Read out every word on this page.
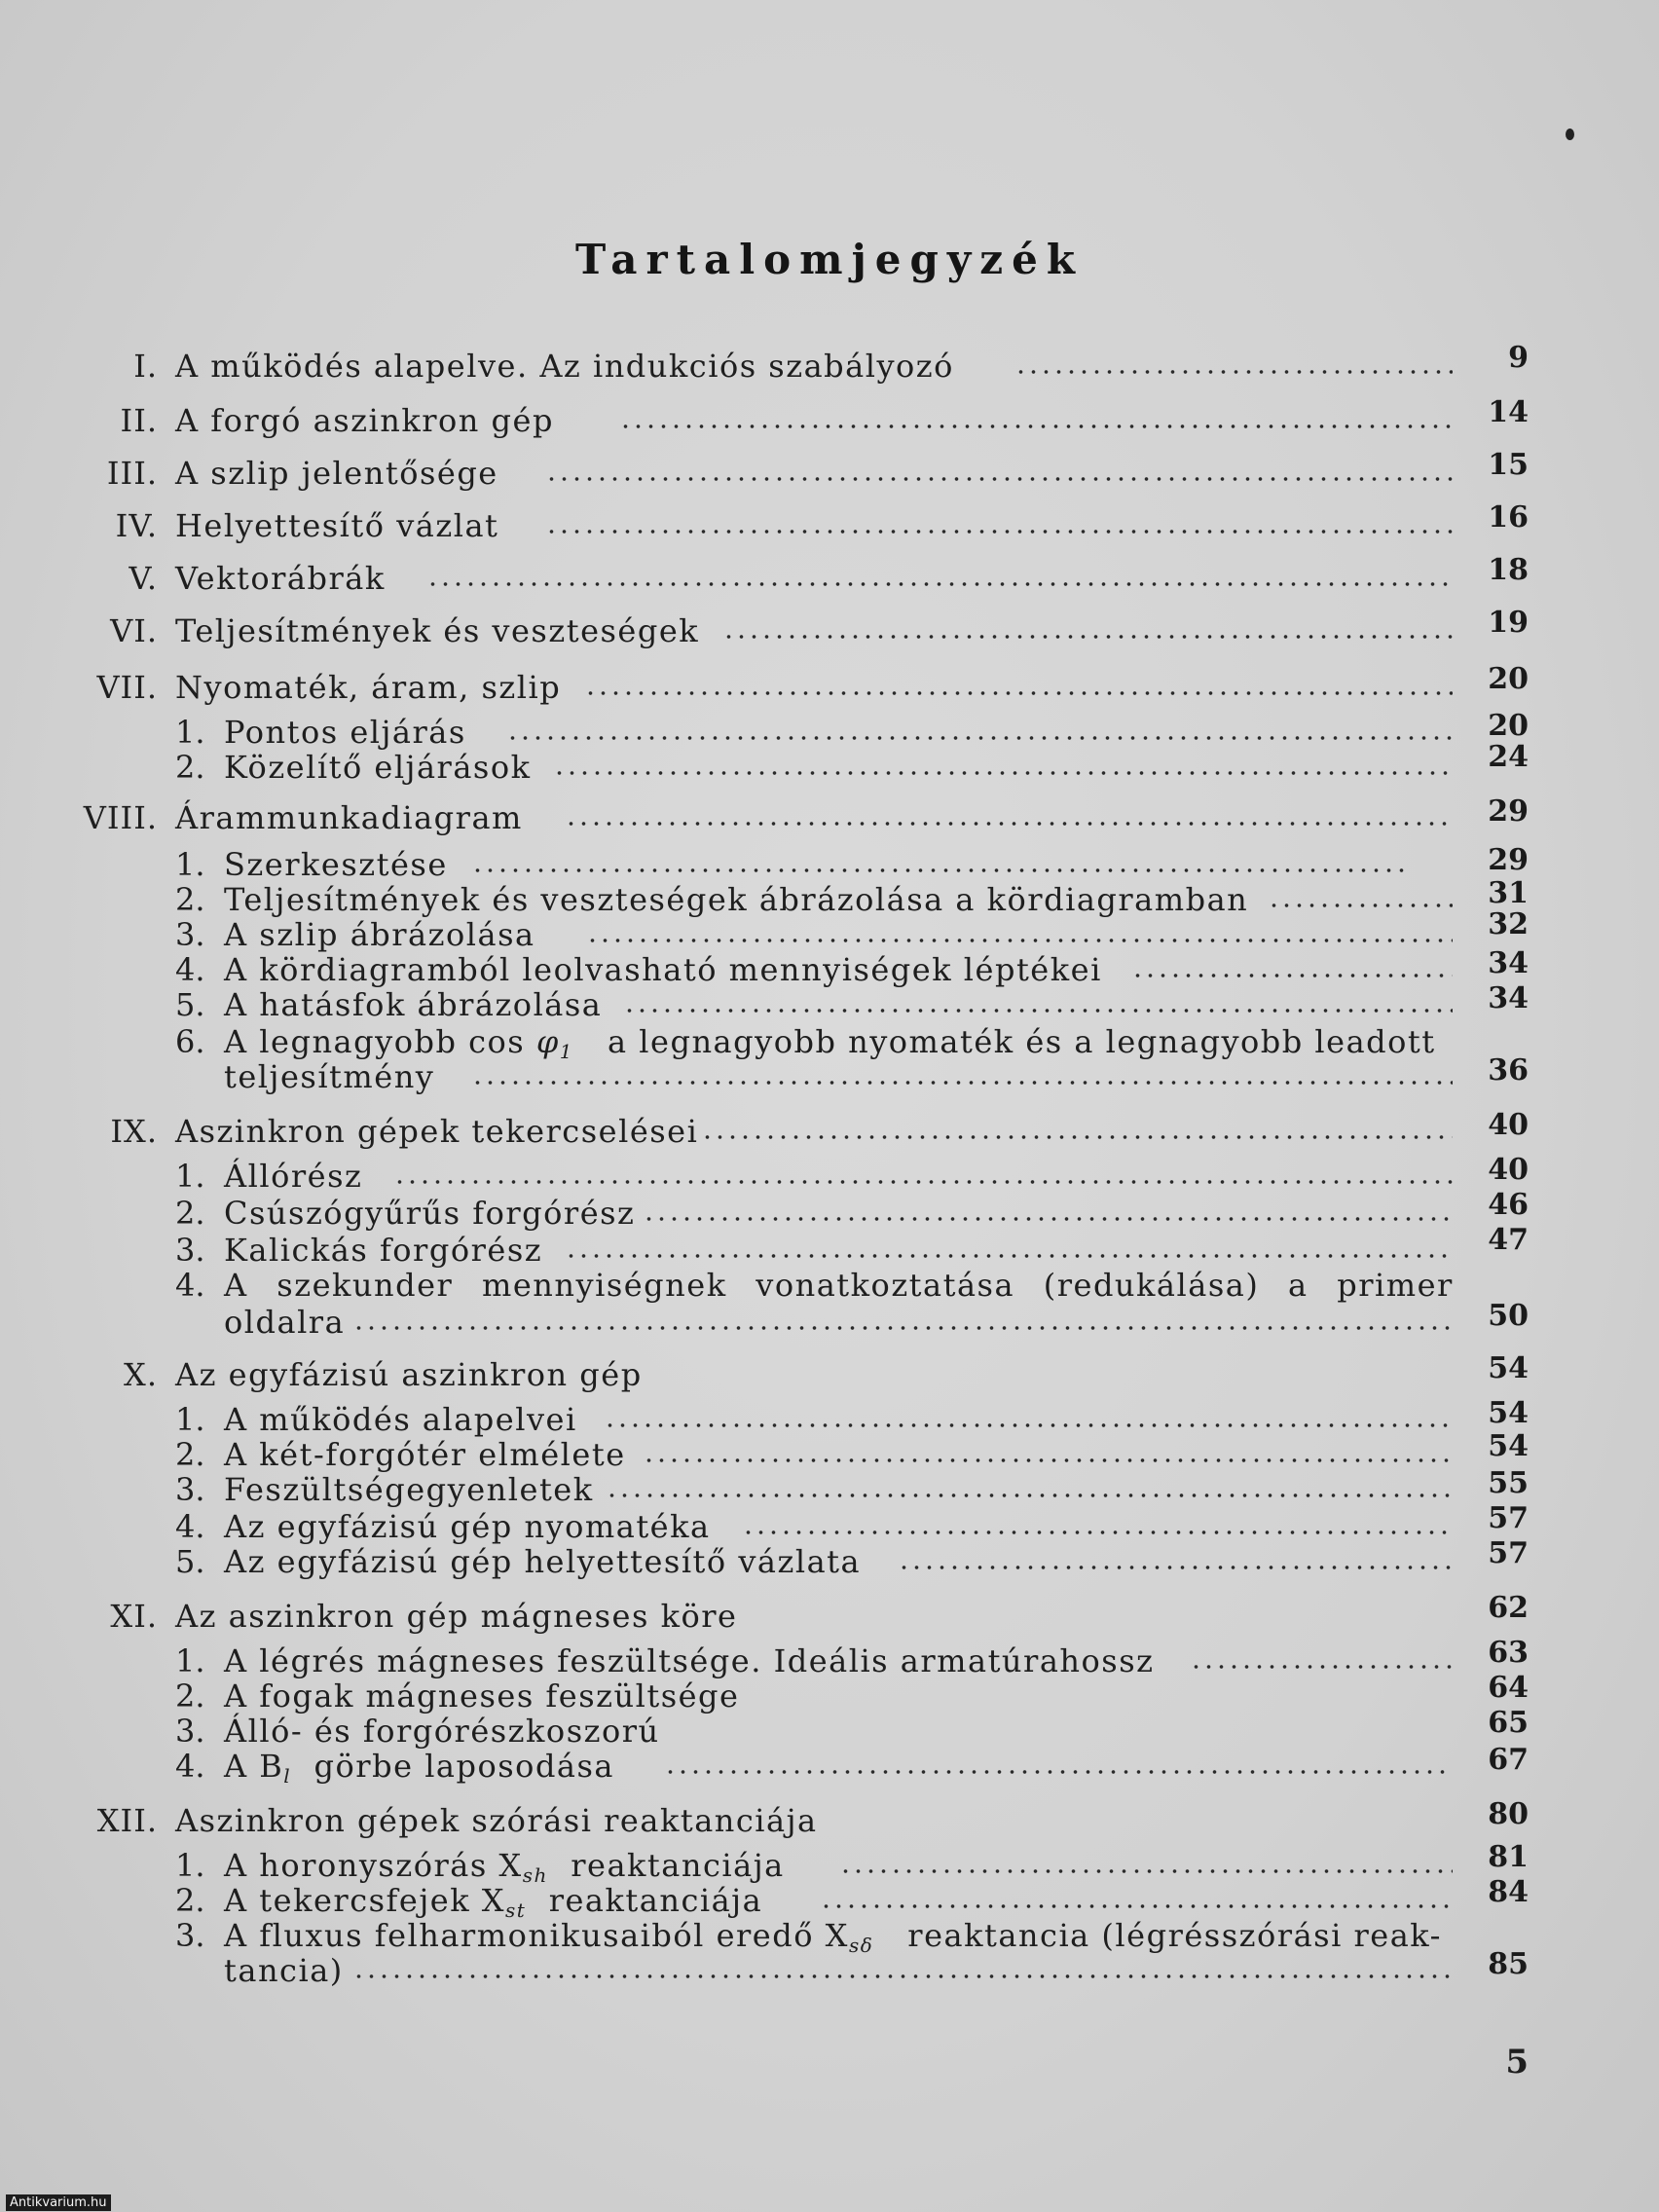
Tartalomjegyzék
I. A működés alapelve. Az indukciós szabályozó	9
II. A forgó aszinkron gép	14
III. A szlip jelentősége	15
IV. Helyettesítő vázlat	16
V. Vektorábrák	18
VI. Teljesítmények és veszteségek	19
VII. Nyomaték, áram, szlip	20
1. Pontos eljárás	20
2. Közelítő eljárások	24
VIII. Árammunkadiagram	29
1. Szerkesztése	29
2. Teljesítmények és veszteségek ábrázolása a kördiagramban	31
3. A szlip ábrázolása	32
4. A kördiagramból leolvasható mennyiségek léptékei	34
5. A hatásfok ábrázolása	34
6. A legnagyobb $\cos \varphi_1$ a legnagyobb nyomaték és a legnagyobb leadott
teljesítmény	36
IX. Aszinkron gépek tekercselései	40
1. Állórész	40
2. Csúszógyűrűs forgórész	46
3. Kalickás forgórész	47
4. A szekunder mennyiségnek vonatkoztatása (redukálása) a primer
oldalra	50
X. Az egyfázisú aszinkron gép	54
1. A működés alapelvei	54
2. A két-forgótér elmélete	54
3. Feszültségegyenletek	55
4. Az egyfázisú gép nyomatéka	57
5. Az egyfázisú gép helyettesítő vázlata	57
XI. Az aszinkron gép mágneses köre	62
1. A légrés mágneses feszültsége. Ideális armatúrahossz	63
2. A fogak mágneses feszültsége	64
3. Álló- és forgórészkoszorú	65
4. A $B_l$ görbe laposodása	67
XII. Aszinkron gépek szórási reaktanciája	80
1. A horonyszórás $X_{sh}$ reaktanciája	81
2. A tekercsfejek $X_{st}$ reaktanciája	84
3. A fluxus felharmonikusaiból eredő $X_{s\delta}$ reaktancia (légrésszórási reak-
tancia)	85
5
Antikvarium.hu
